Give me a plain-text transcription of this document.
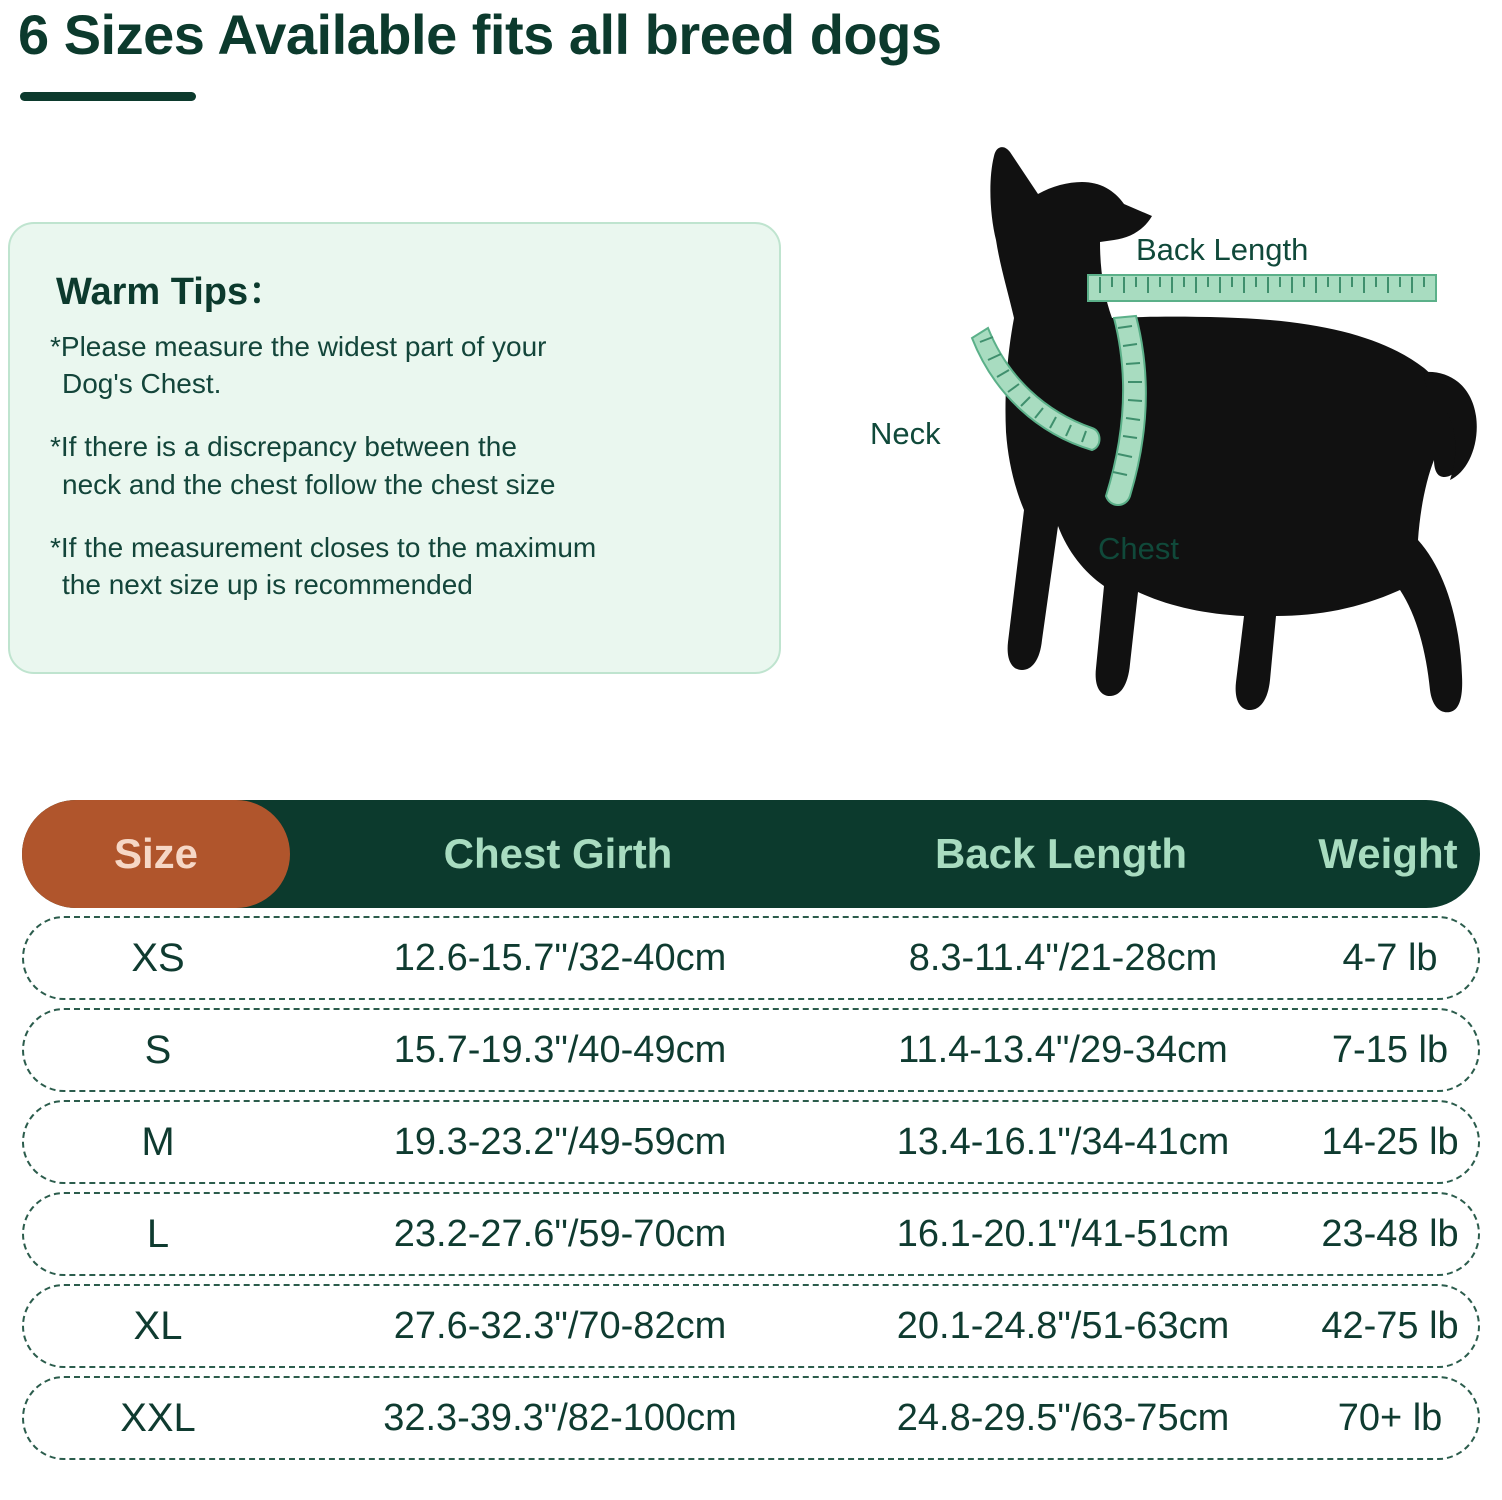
6 Sizes Available fits all breed dogs
Warm Tips：

*Please measure the widest part of your
Dog's Chest.

*If there is a discrepancy between the
neck and the chest follow the chest size

*If the measurement closes to the maximum
the next size up is recommended

Back Length
Neck
Chest
Size	Chest Girth	Back Length	Weight
XS	12.6-15.7"/32-40cm	8.3-11.4"/21-28cm	4-7 lb
S	15.7-19.3"/40-49cm	11.4-13.4"/29-34cm	7-15 lb
M	19.3-23.2"/49-59cm	13.4-16.1"/34-41cm	14-25 lb
L	23.2-27.6"/59-70cm	16.1-20.1"/41-51cm	23-48 lb
XL	27.6-32.3"/70-82cm	20.1-24.8"/51-63cm	42-75 lb
XXL	32.3-39.3"/82-100cm	24.8-29.5"/63-75cm	70+ lb
